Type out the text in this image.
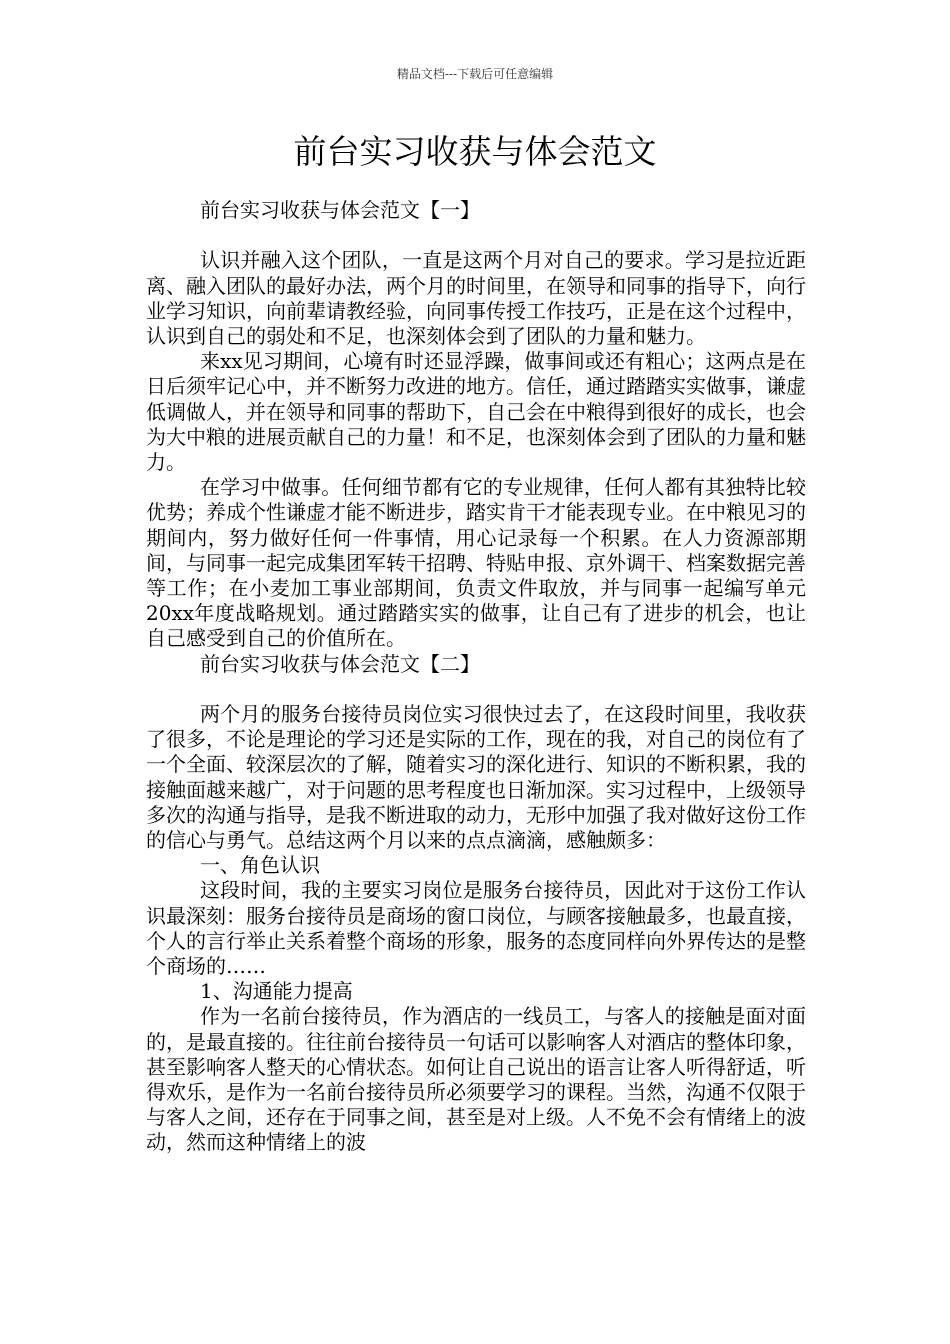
精品文档---下载后可任意编辑
前台实习收获与体会范文

前台实习收获与体会范文【一】

认识并融入这个团队，一直是这两个月对自己的要求。学习是拉近距离、融入团队的最好办法，两个月的时间里，在领导和同事的指导下，向行业学习知识，向前辈请教经验，向同事传授工作技巧，正是在这个过程中，认识到自己的弱处和不足，也深刻体会到了团队的力量和魅力。

来xx见习期间，心境有时还显浮躁，做事间或还有粗心；这两点是在日后须牢记心中，并不断努力改进的地方。信任，通过踏踏实实做事，谦虚低调做人，并在领导和同事的帮助下，自己会在中粮得到很好的成长，也会为大中粮的进展贡献自己的力量！和不足，也深刻体会到了团队的力量和魅力。

在学习中做事。任何细节都有它的专业规律，任何人都有其独特比较优势；养成个性谦虚才能不断进步，踏实肯干才能表现专业。在中粮见习的期间内，努力做好任何一件事情，用心记录每一个积累。在人力资源部期间，与同事一起完成集团军转干招聘、特贴申报、京外调干、档案数据完善等工作；在小麦加工事业部期间，负责文件取放，并与同事一起编写单元20xx年度战略规划。通过踏踏实实的做事，让自己有了进步的机会，也让自己感受到自己的价值所在。

前台实习收获与体会范文【二】

两个月的服务台接待员岗位实习很快过去了，在这段时间里，我收获了很多，不论是理论的学习还是实际的工作，现在的我，对自己的岗位有了一个全面、较深层次的了解，随着实习的深化进行、知识的不断积累，我的接触面越来越广，对于问题的思考程度也日渐加深。实习过程中，上级领导多次的沟通与指导，是我不断进取的动力，无形中加强了我对做好这份工作的信心与勇气。总结这两个月以来的点点滴滴，感触颇多：

一、角色认识

这段时间，我的主要实习岗位是服务台接待员，因此对于这份工作认识最深刻：服务台接待员是商场的窗口岗位，与顾客接触最多，也最直接，个人的言行举止关系着整个商场的形象，服务的态度同样向外界传达的是整个商场的……

1、沟通能力提高

作为一名前台接待员，作为酒店的一线员工，与客人的接触是面对面的，是最直接的。往往前台接待员一句话可以影响客人对酒店的整体印象，甚至影响客人整天的心情状态。如何让自己说出的语言让客人听得舒适，听得欢乐，是作为一名前台接待员所必须要学习的课程。当然，沟通不仅限于与客人之间，还存在于同事之间，甚至是对上级。人不免不会有情绪上的波动，然而这种情绪上的波
